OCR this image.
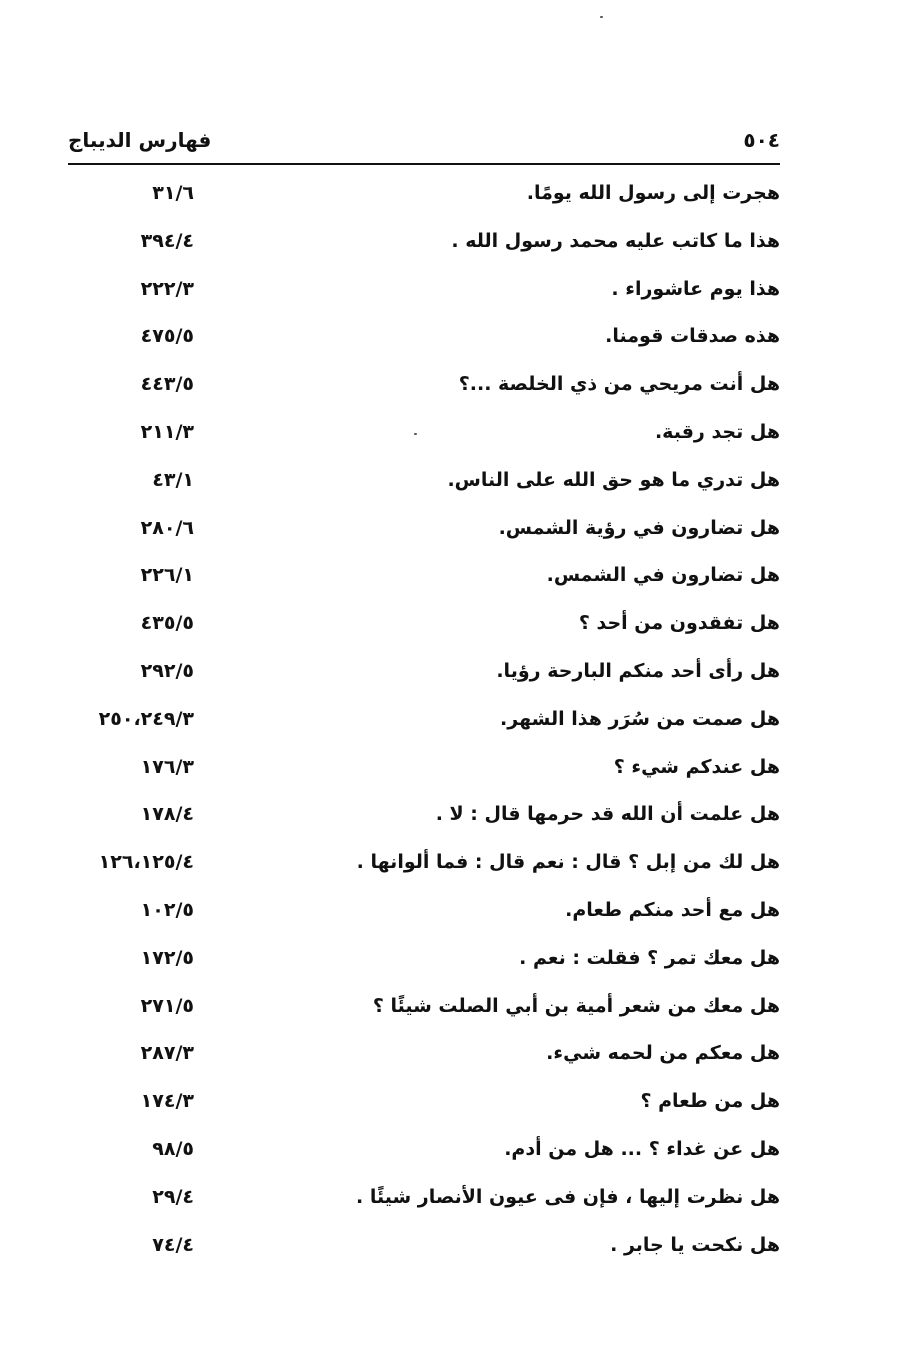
٥٠٤
فهارس الديباج
هجرت إلى رسول الله يومًا.
٣١/٦
هذا ما كاتب عليه محمد رسول الله .
٣٩٤/٤
هذا يوم عاشوراء .
٢٢٢/٣
هذه صدقات قومنا.
٤٧٥/٥
هل أنت مريحي من ذي الخلصة ...؟
٤٤٣/٥
هل تجد رقبة.
٢١١/٣
هل تدري ما هو حق الله على الناس.
٤٣/١
هل تضارون في رؤية الشمس.
٢٨٠/٦
هل تضارون في الشمس.
٢٢٦/١
هل تفقدون من أحد ؟
٤٣٥/٥
هل رأى أحد منكم البارحة رؤيا.
٢٩٢/٥
هل صمت من سُرَر هذا الشهر.
٢٥٠،٢٤٩/٣
هل عندكم شيء ؟
١٧٦/٣
هل علمت أن الله قد حرمها قال : لا .
١٧٨/٤
هل لك من إبل ؟ قال : نعم قال : فما ألوانها .
١٢٦،١٢٥/٤
هل مع أحد منكم طعام.
١٠٢/٥
هل معك تمر ؟ فقلت : نعم .
١٧٢/٥
هل معك من شعر أمية بن أبي الصلت شيئًا ؟
٢٧١/٥
هل معكم من لحمه شيء.
٢٨٧/٣
هل من طعام ؟
١٧٤/٣
هل عن غداء ؟ ... هل من أدم.
٩٨/٥
هل نظرت إليها ، فإن فى عيون الأنصار شيئًا .
٢٩/٤
هل نكحت يا جابر .
٧٤/٤
